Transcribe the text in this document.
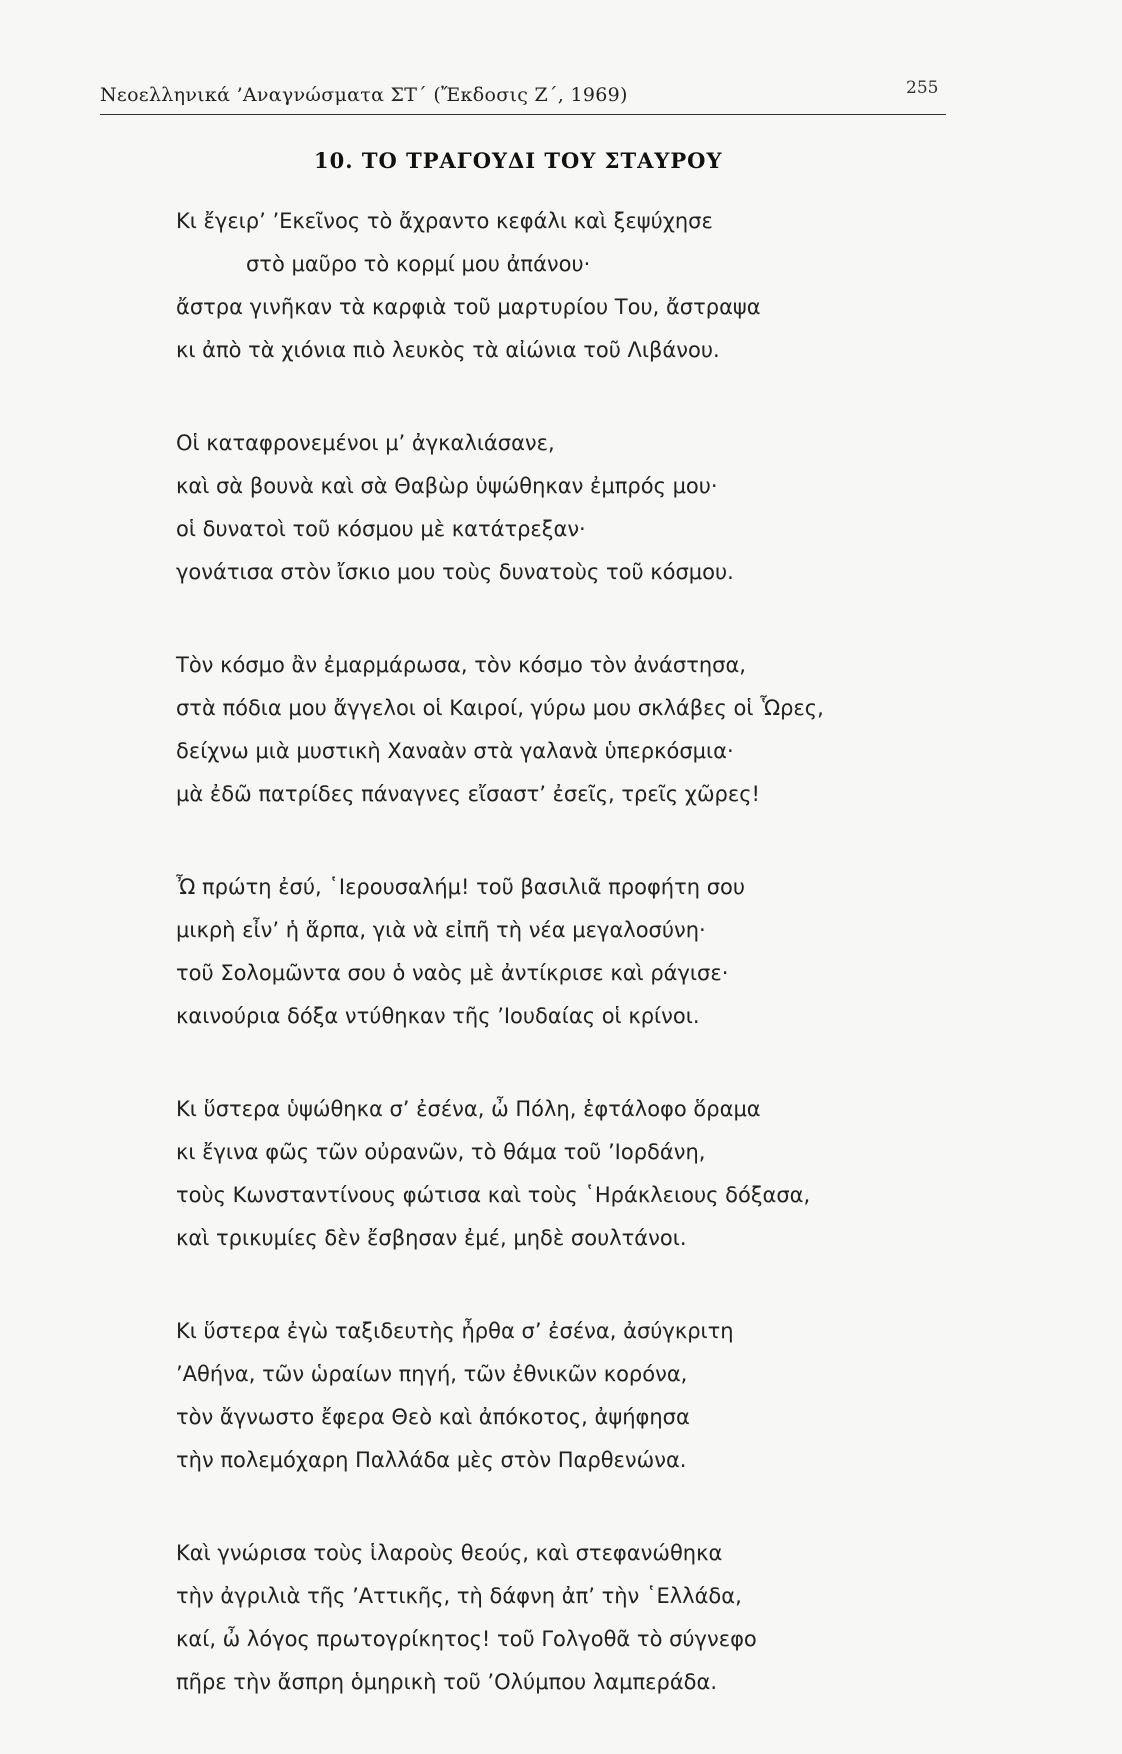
Νεοελληνικά ’Αναγνώσματα ΣΤ΄ (Ἔκδοσις Ζ΄, 1969)	255
10. ΤΟ ΤΡΑΓΟΥΔΙ ΤΟΥ ΣΤΑΥΡΟΥ
Κι ἔγειρ’ ’Εκεῖνος τὸ ἄχραντο κεφάλι καὶ ξεψύχησε
στὸ μαῦρο τὸ κορμί μου ἀπάνου·
ἄστρα γινῆκαν τὰ καρφιὰ τοῦ μαρτυρίου Του, ἄστραψα
κι ἀπὸ τὰ χιόνια πιὸ λευκὸς τὰ αἰώνια τοῦ Λιβάνου.
Οἱ καταφρονεμένοι μ’ ἀγκαλιάσανε,
καὶ σὰ βουνὰ καὶ σὰ Θαβὼρ ὑψώθηκαν ἐμπρός μου·
οἱ δυνατοὶ τοῦ κόσμου μὲ κατάτρεξαν·
γονάτισα στὸν ἴσκιο μου τοὺς δυνατοὺς τοῦ κόσμου.
Τὸν κόσμο ἂν ἐμαρμάρωσα, τὸν κόσμο τὸν ἀνάστησα,
στὰ πόδια μου ἄγγελοι οἱ Καιροί, γύρω μου σκλάβες οἱ Ὧρες,
δείχνω μιὰ μυστικὴ Χαναὰν στὰ γαλανὰ ὑπερκόσμια·
μὰ ἐδῶ πατρίδες πάναγνες εἴσαστ’ ἐσεῖς, τρεῖς χῶρες!
Ὦ πρώτη ἐσύ, ῾Ιερουσαλήμ! τοῦ βασιλιᾶ προφήτη σου
μικρὴ εἶν’ ἡ ἅρπα, γιὰ νὰ εἰπῆ τὴ νέα μεγαλοσύνη·
τοῦ Σολομῶντα σου ὁ ναὸς μὲ ἀντίκρισε καὶ ράγισε·
καινούρια δόξα ντύθηκαν τῆς ’Ιουδαίας οἱ κρίνοι.
Κι ὕστερα ὑψώθηκα σ’ ἐσένα, ὦ Πόλη, ἑφτάλοφο ὅραμα
κι ἔγινα φῶς τῶν οὐρανῶν, τὸ θάμα τοῦ ’Ιορδάνη,
τοὺς Κωνσταντίνους φώτισα καὶ τοὺς ῾Ηράκλειους δόξασα,
καὶ τρικυμίες δὲν ἔσβησαν ἐμέ, μηδὲ σουλτάνοι.
Κι ὕστερα ἐγὼ ταξιδευτὴς ἦρθα σ’ ἐσένα, ἀσύγκριτη
’Αθήνα, τῶν ὡραίων πηγή, τῶν ἐθνικῶν κορόνα,
τὸν ἄγνωστο ἔφερα Θεὸ καὶ ἀπόκοτος, ἀψήφησα
τὴν πολεμόχαρη Παλλάδα μὲς στὸν Παρθενώνα.
Καὶ γνώρισα τοὺς ἱλαροὺς θεούς, καὶ στεφανώθηκα
τὴν ἀγριλιὰ τῆς ’Αττικῆς, τὴ δάφνη ἀπ’ τὴν ῾Ελλάδα,
καί, ὦ λόγος πρωτογρίκητος! τοῦ Γολγοθᾶ τὸ σύγνεφο
πῆρε τὴν ἄσπρη ὁμηρικὴ τοῦ ’Ολύμπου λαμπεράδα.
